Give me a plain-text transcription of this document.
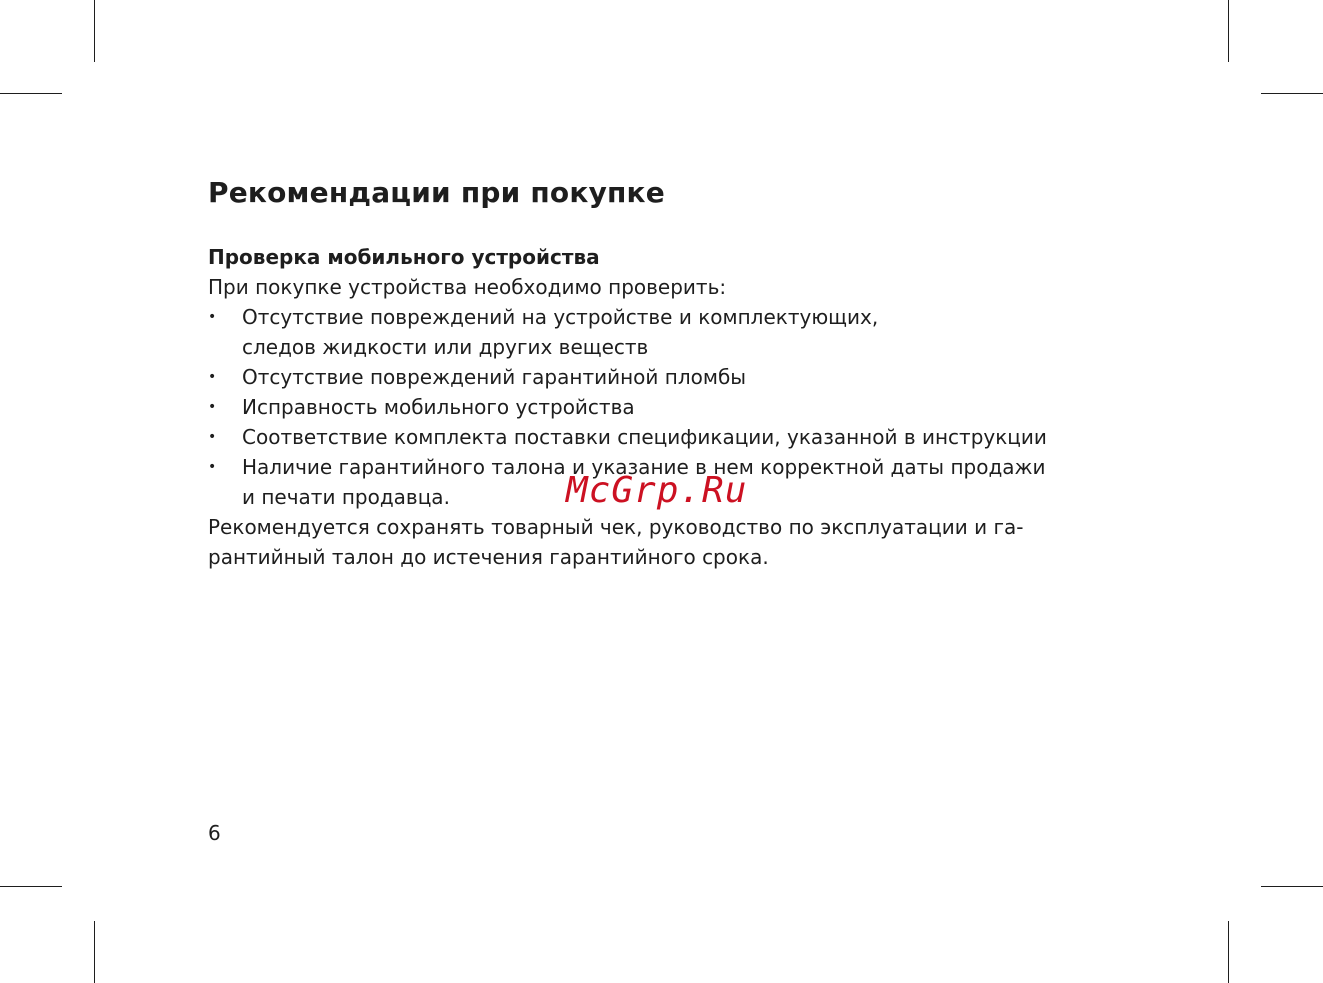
Рекомендации при покупке
Проверка мобильного устройства

При покупке устройства необходимо проверить:

• Отсутствие повреждений на устройстве и комплектующих,
следов жидкости или других веществ
• Отсутствие повреждений гарантийной пломбы
• Исправность мобильного устройства
• Соответствие комплекта поставки спецификации, указанной в инструкции
• Наличие гарантийного талона и указание в нем корректной даты продажи
и печати продавца.

Рекомендуется сохранять товарный чек, руководство по эксплуатации и га-
рантийный талон до истечения гарантийного срока.

McGrp.Ru
6
